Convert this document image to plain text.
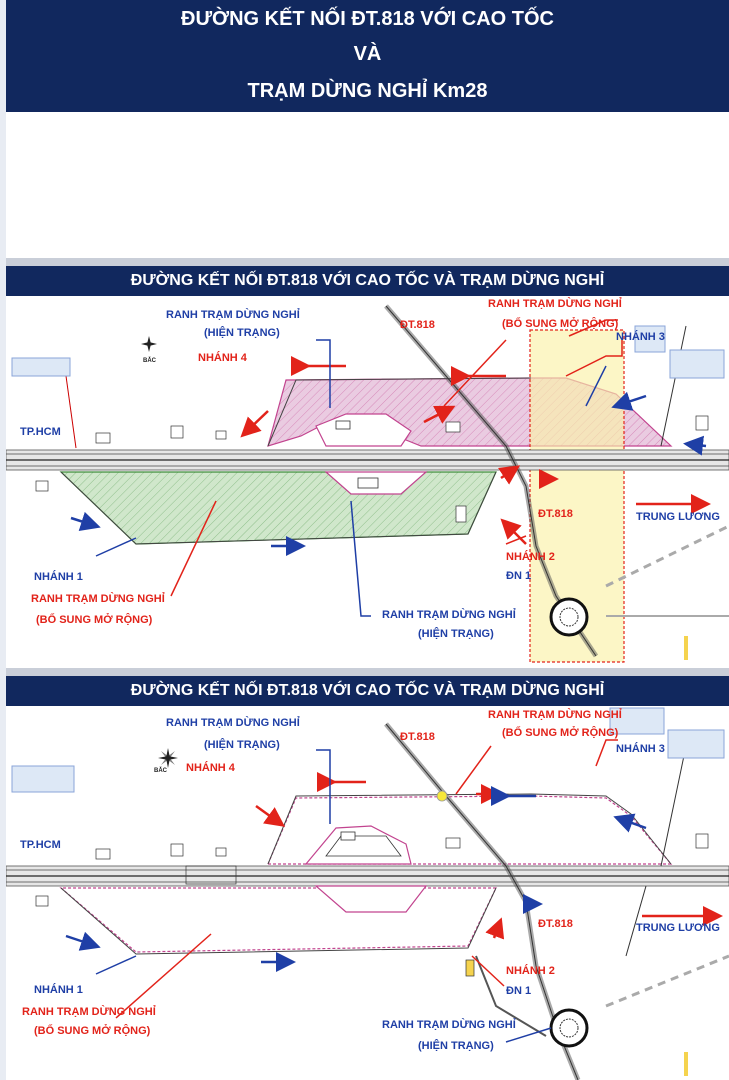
ĐƯỜNG KẾT NỐI ĐT.818 VỚI CAO TỐC
VÀ
TRẠM DỪNG NGHỈ Km28
ĐƯỜNG KẾT NỐI ĐT.818 VỚI CAO TỐC VÀ TRẠM DỪNG NGHỈ
BẮC
RANH TRẠM DỪNG NGHỈ
(HIỆN TRẠNG)
ĐT.818
RANH TRẠM DỪNG NGHỈ
(BỔ SUNG MỞ RỘNG)
NHÁNH 3
NHÁNH 4
TP.HCM
ĐT.818	TRUNG LƯƠNG
NHÁNH 2
ĐN 1
NHÁNH 1
RANH TRẠM DỪNG NGHỈ
(BỔ SUNG MỞ RỘNG)	RANH TRẠM DỪNG NGHỈ
(HIỆN TRẠNG)
ĐƯỜNG KẾT NỐI ĐT.818 VỚI CAO TỐC VÀ TRẠM DỪNG NGHỈ
BẮC
RANH TRẠM DỪNG NGHỈ
(HIỆN TRẠNG)
ĐT.818
RANH TRẠM DỪNG NGHỈ
(BỔ SUNG MỞ RỘNG)
NHÁNH 3
NHÁNH 4
TP.HCM
ĐT.818	TRUNG LƯƠNG
NHÁNH 2
ĐN 1
NHÁNH 1
RANH TRẠM DỪNG NGHỈ
(BỔ SUNG MỞ RỘNG)	RANH TRẠM DỪNG NGHỈ
(HIỆN TRẠNG)
